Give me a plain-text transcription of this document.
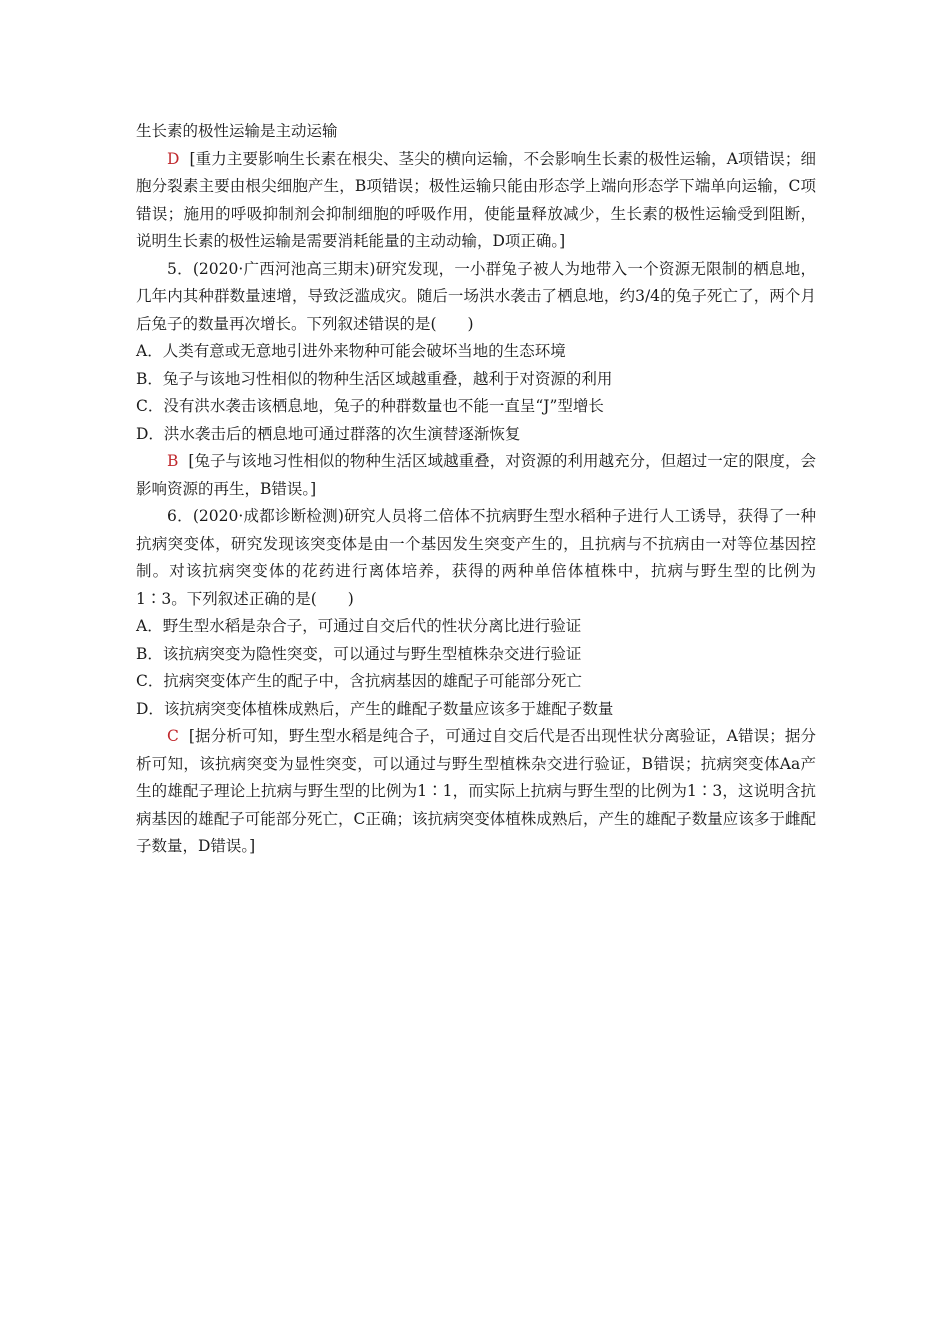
生长素的极性运输是主动运输

D [重力主要影响生长素在根尖、茎尖的横向运输，不会影响生长素的极性运输，A项错误；细胞分裂素主要由根尖细胞产生，B项错误；极性运输只能由形态学上端向形态学下端单向运输，C项错误；施用的呼吸抑制剂会抑制细胞的呼吸作用，使能量释放减少，生长素的极性运输受到阻断，说明生长素的极性运输是需要消耗能量的主动动输，D项正确。]

5．(2020·广西河池高三期末)研究发现，一小群兔子被人为地带入一个资源无限制的栖息地，几年内其种群数量速增，导致泛滥成灾。随后一场洪水袭击了栖息地，约3/4的兔子死亡了，两个月后兔子的数量再次增长。下列叙述错误的是(　　)

A．人类有意或无意地引进外来物种可能会破坏当地的生态环境

B．兔子与该地习性相似的物种生活区域越重叠，越利于对资源的利用

C．没有洪水袭击该栖息地，兔子的种群数量也不能一直呈“J”型增长

D．洪水袭击后的栖息地可通过群落的次生演替逐渐恢复

B [兔子与该地习性相似的物种生活区域越重叠，对资源的利用越充分，但超过一定的限度，会影响资源的再生，B错误。]

6．(2020·成都诊断检测)研究人员将二倍体不抗病野生型水稻种子进行人工诱导，获得了一种抗病突变体，研究发现该突变体是由一个基因发生突变产生的，且抗病与不抗病由一对等位基因控制。对该抗病突变体的花药进行离体培养，获得的两种单倍体植株中，抗病与野生型的比例为1∶3。下列叙述正确的是(　　)

A．野生型水稻是杂合子，可通过自交后代的性状分离比进行验证

B．该抗病突变为隐性突变，可以通过与野生型植株杂交进行验证

C．抗病突变体产生的配子中，含抗病基因的雄配子可能部分死亡

D．该抗病突变体植株成熟后，产生的雌配子数量应该多于雄配子数量

C [据分析可知，野生型水稻是纯合子，可通过自交后代是否出现性状分离验证，A错误；据分析可知，该抗病突变为显性突变，可以通过与野生型植株杂交进行验证，B错误；抗病突变体Aa产生的雄配子理论上抗病与野生型的比例为1∶1，而实际上抗病与野生型的比例为1∶3，这说明含抗病基因的雄配子可能部分死亡，C正确；该抗病突变体植株成熟后，产生的雄配子数量应该多于雌配子数量，D错误。]
